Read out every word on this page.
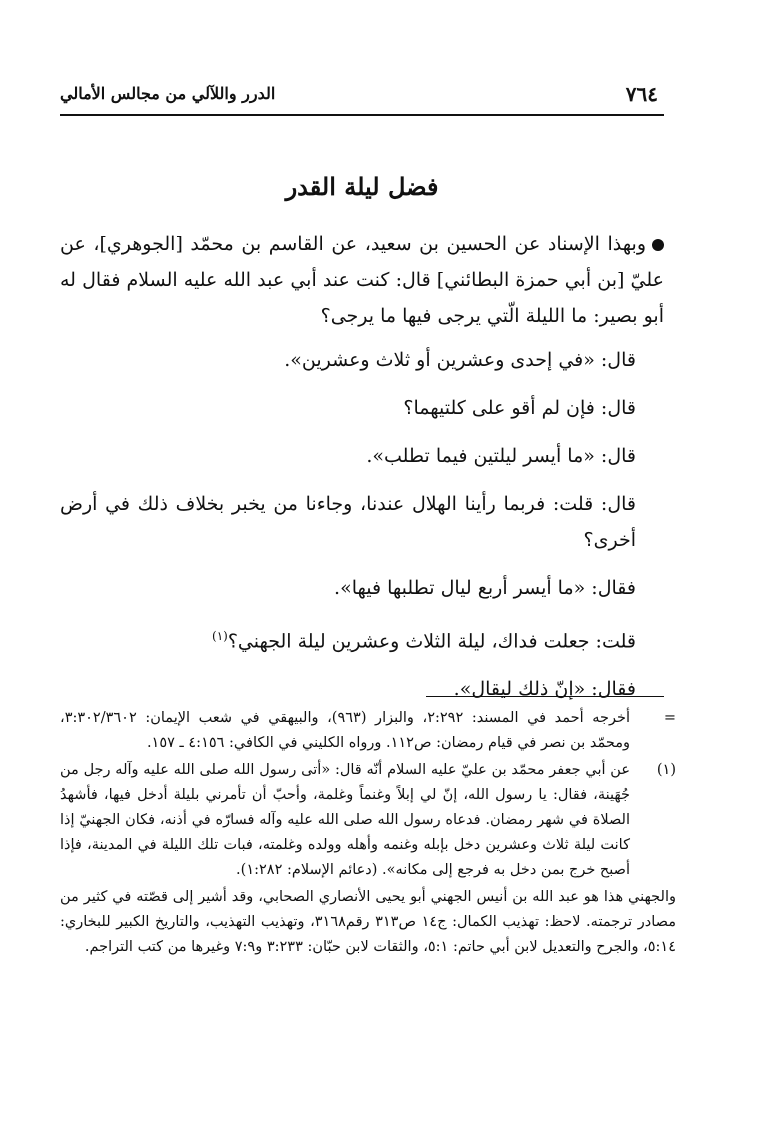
٧٦٤
الدرر واللآلي من مجالس الأمالي
فضل ليلة القدر

وبهذا الإسناد عن الحسين بن سعيد، عن القاسم بن محمّد [الجوهري]، عن عليّ [بن أبي حمزة البطائني] قال: كنت عند أبي عبد الله عليه السلام فقال له أبو بصير: ما الليلة الّتي يرجى فيها ما يرجى؟

قال: «في إحدى وعشرين أو ثلاث وعشرين».

قال: فإن لم أقو على كلتيهما؟

قال: «ما أيسر ليلتين فيما تطلب».

قال: قلت: فربما رأينا الهلال عندنا، وجاءنا من يخبر بخلاف ذلك في أرض أخرى؟

فقال: «ما أيسر أربع ليال تطلبها فيها».

قلت: جعلت فداك، ليلة الثلاث وعشرين ليلة الجهني؟$^{(١)}$

فقال: «إنّ ذلك ليقال».

=
أخرجه أحمد في المسند: ٢:٢٩٢، والبزار (٩٦٣)، والبيهقي في شعب الإيمان: ٣:٣٠٢/٣٦٠٢، ومحمّد بن نصر في قيام رمضان: ص١١٢. ورواه الكليني في الكافي: ٤:١٥٦ ـ ١٥٧.
(١)
عن أبي جعفر محمّد بن عليّ عليه السلام أنّه قال: «أتى رسول الله صلى الله عليه وآله رجل من جُهَينة، فقال: يا رسول الله، إنّ لي إبلاً وغنماً وغلمة، وأحبّ أن تأمرني بليلة أدخل فيها، فأشهدُ الصلاة في شهر رمضان. فدعاه رسول الله صلى الله عليه وآله فسارّه في أذنه، فكان الجهنيّ إذا كانت ليلة ثلاث وعشرين دخل بإبله وغنمه وأهله وولده وغلمته، فبات تلك الليلة في المدينة، فإذا أصبح خرج بمن دخل به فرجع إلى مكانه». (دعائم الإسلام: ١:٢٨٢).
والجهني هذا هو عبد الله بن أنيس الجهني أبو يحيى الأنصاري الصحابي، وقد أشير إلى قصّته في كثير من مصادر ترجمته. لاحظ: تهذيب الكمال: ج١٤ ص٣١٣ رقم٣١٦٨، وتهذيب التهذيب، والتاريخ الكبير للبخاري: ٥:١٤، والجرح والتعديل لابن أبي حاتم: ٥:١، والثقات لابن حبّان: ٣:٢٣٣ و٧:٩ وغيرها من كتب التراجم.
